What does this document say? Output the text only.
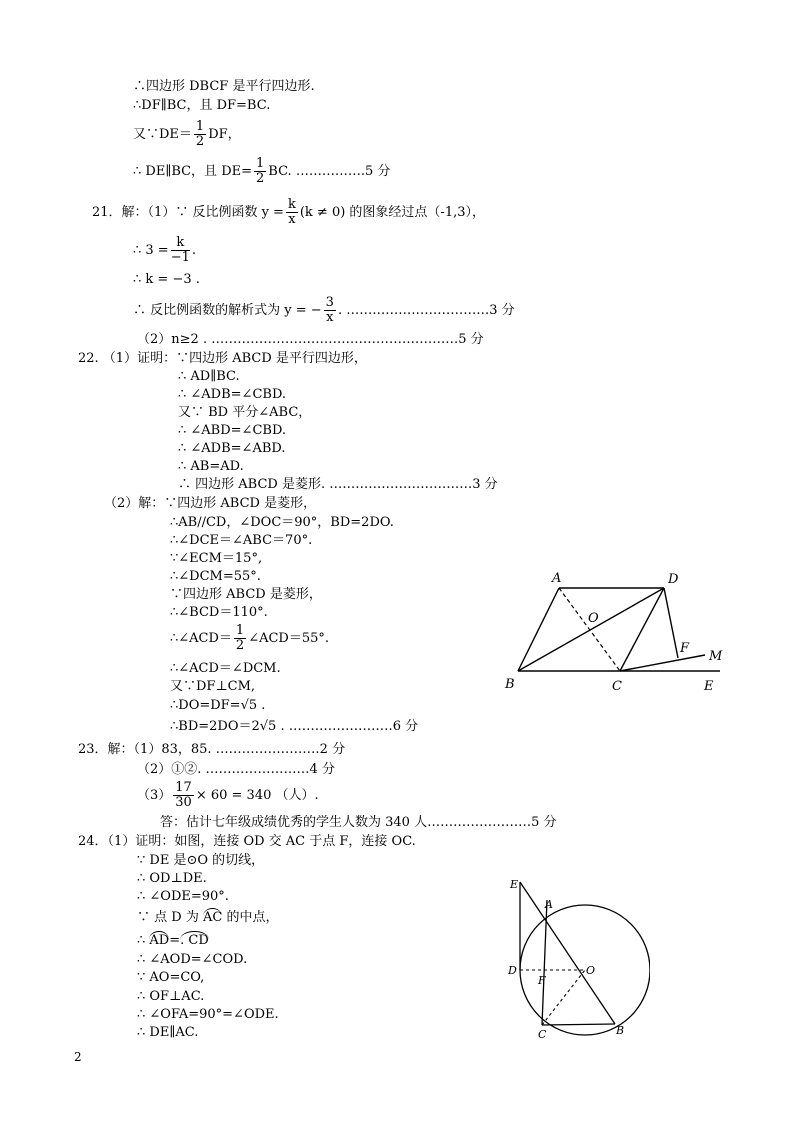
∴四边形 DBCF 是平行四边形.
∴DF∥BC，且 DF=BC.
又∵DE＝ $\frac{1}{2}$ DF，
∴ DE∥BC，且 $DE= \frac{1}{2}$ BC. …………….5 分
21．解：（1）∵ 反比例函数 $y = \frac{k}{x} (k \ne 0)$ 的图象经过点（-1,3），
∴ $3 = \frac{k}{-1}$ .
∴ k = −3 .
∴ 反比例函数的解析式为 y = − $\frac{3}{x}$ . ……………………………3 分
（2）n≥2 . …………………………………………………5 分
22. （1）证明：∵四边形 ABCD 是平行四边形，
∴ AD∥BC.
∴ ∠ADB=∠CBD.
又∵ BD 平分∠ABC，
∴ ∠ABD=∠CBD.
∴ ∠ADB=∠ABD.
∴ AB=AD.
∴ 四边形 ABCD 是菱形. ……………………………3 分
（2）解：∵四边形 ABCD 是菱形，
∴AB//CD，∠DOC＝90°，BD=2DO.
∴∠DCE＝∠ABC＝70°.
∵∠ECM＝15°,
∴∠DCM=55°.
∵四边形 ABCD 是菱形，
∴∠BCD＝110°.
∴∠ACD＝ $\frac{1}{2}$ ∠ACD＝55°.
∴∠ACD＝∠DCM.
又∵DF⊥CM,
∴DO=DF=√5 .
∴BD=2DO＝2√5 . ……………………6 分
A	D
O
F
M
B	C	E
23．解：（1）83，85. ……………………2 分
（2）①②. ……………………4 分
$(3) \frac{17}{30} \times 60 = 340$ （人）.
答：估计七年级成绩优秀的学生人数为 340 人……………………5 分
24．（1）证明：如图，连接 OD 交 AC 于点 F，连接 OC.
∵ DE 是⊙O 的切线，
∴ OD⊥DE.
∴ ∠ODE=90°.
∵ 点 D 为 AC 的中点，
∴ AD=. CD
∴ ∠AOD=∠COD.
∵ AO=CO,
∴ OF⊥AC.
∴ ∠OFA=90°=∠ODE.
∴ DE∥AC.
E
A
D
F
O
C	B
2
